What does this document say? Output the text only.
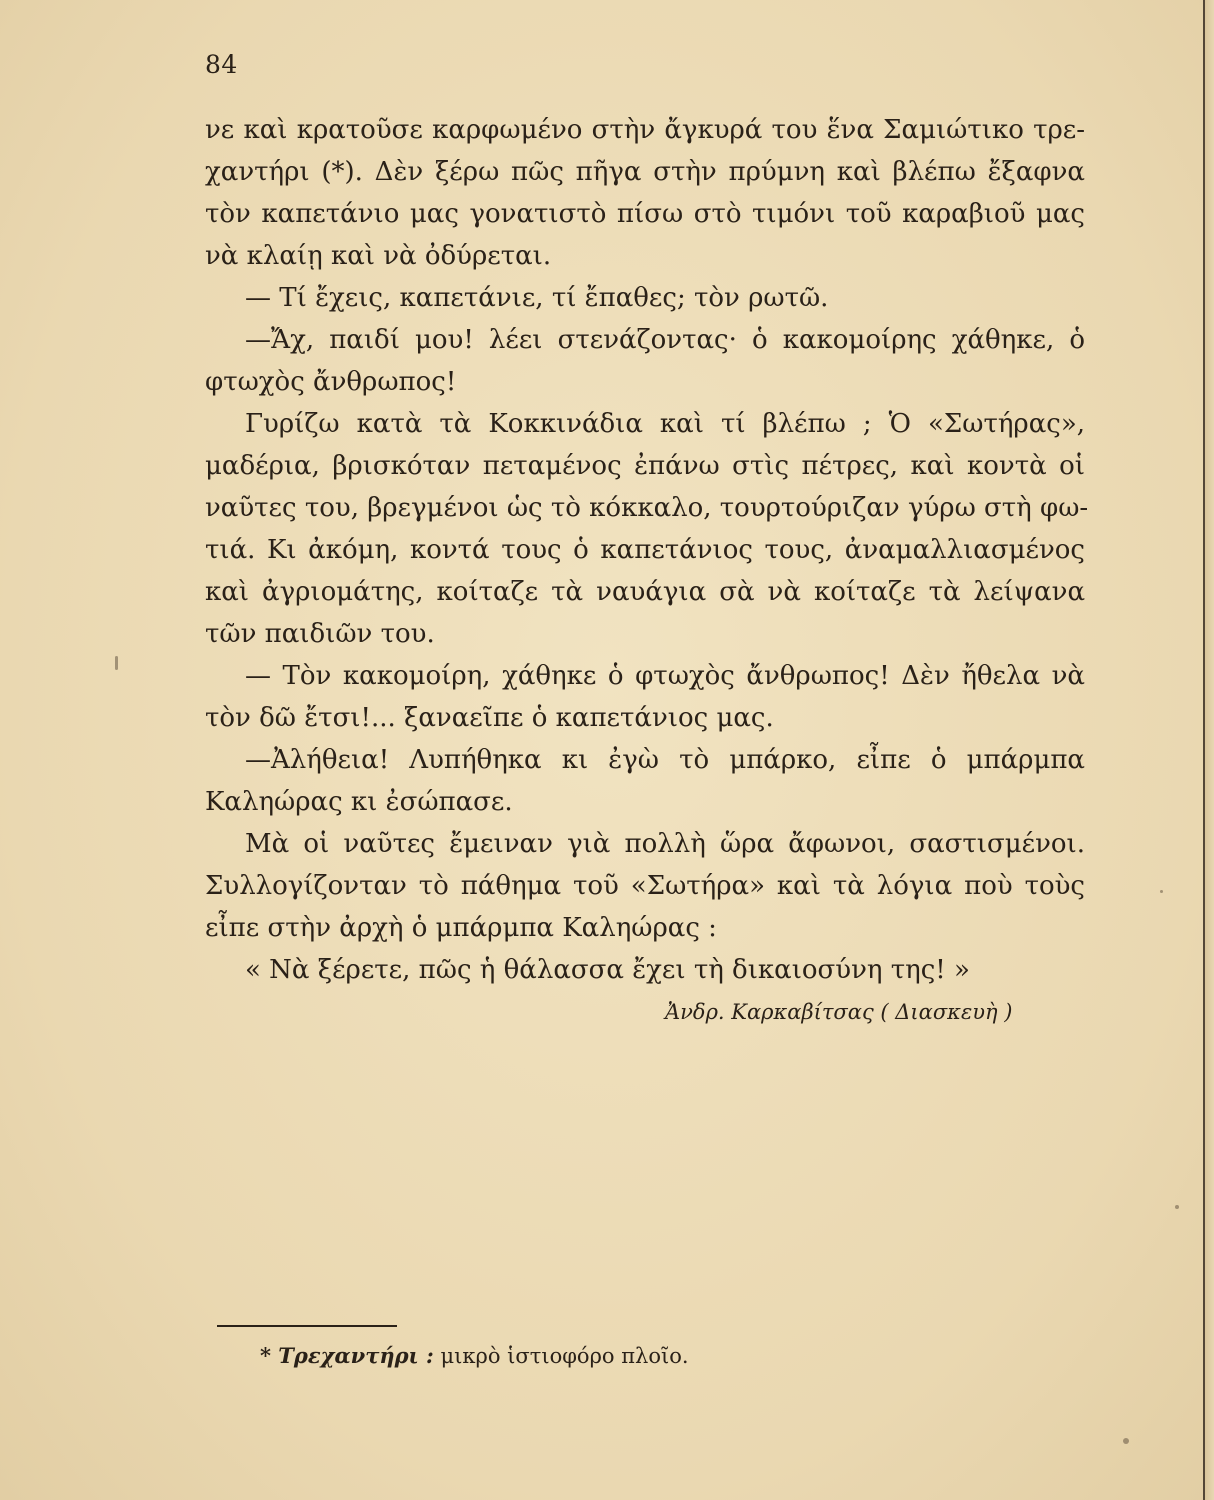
84
νε καὶ κρατοῦσε καρφωμένο στὴν ἄγκυρά του ἕνα Σαμιώτικο τρε-
χαντήρι (*). Δὲν ξέρω πῶς πῆγα στὴν πρύμνη καὶ βλέπω ἔξαφνα
τὸν καπετάνιο μας γονατιστὸ πίσω στὸ τιμόνι τοῦ καραβιοῦ μας
νὰ κλαίῃ καὶ νὰ ὀδύρεται.
— Τί ἔχεις, καπετάνιε, τί ἔπαθες; τὸν ρωτῶ.
—Ἄχ, παιδί μου! λέει στενάζοντας· ὁ κακομοίρης χάθηκε, ὁ
φτωχὸς ἄνθρωπος!
Γυρίζω κατὰ τὰ Κοκκινάδια καὶ τί βλέπω ; Ὁ «Σωτήρας»,
μαδέρια, βρισκόταν πεταμένος ἐπάνω στὶς πέτρες, καὶ κοντὰ οἱ
ναῦτες του, βρεγμένοι ὡς τὸ κόκκαλο, τουρτούριζαν γύρω στὴ φω-
τιά. Κι ἀκόμη, κοντά τους ὁ καπετάνιος τους, ἀναμαλλιασμένος
καὶ ἀγριομάτης, κοίταζε τὰ ναυάγια σὰ νὰ κοίταζε τὰ λείψανα
τῶν παιδιῶν του.
— Τὸν κακομοίρη, χάθηκε ὁ φτωχὸς ἄνθρωπος! Δὲν ἤθελα νὰ
τὸν δῶ ἔτσι!... ξαναεῖπε ὁ καπετάνιος μας.
—Ἀλήθεια! Λυπήθηκα κι ἐγὼ τὸ μπάρκο, εἶπε ὁ μπάρμπα
Καληώρας κι ἐσώπασε.
Μὰ οἱ ναῦτες ἔμειναν γιὰ πολλὴ ὥρα ἄφωνοι, σαστισμένοι.
Συλλογίζονταν τὸ πάθημα τοῦ «Σωτήρα» καὶ τὰ λόγια ποὺ τοὺς
εἶπε στὴν ἀρχὴ ὁ μπάρμπα Καληώρας :
« Νὰ ξέρετε, πῶς ἡ θάλασσα ἔχει τὴ δικαιοσύνη της! »
Ἀνδρ. Καρκαβίτσας ( Διασκευὴ )
* Τρεχαντήρι : μικρὸ ἱστιοφόρο πλοῖο.
